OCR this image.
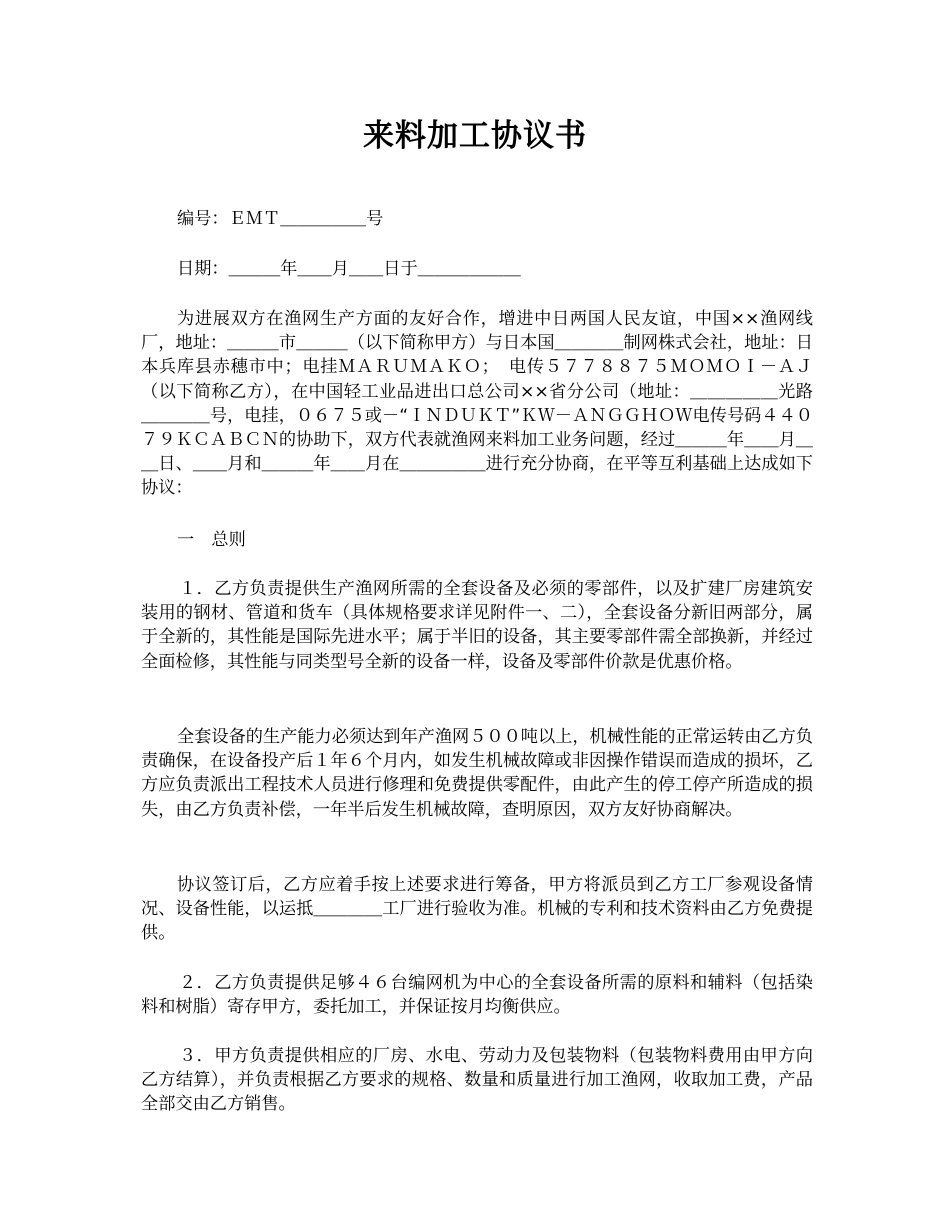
来料加工协议书
编号：ＥＭＴ＿＿＿＿＿号
日期：＿＿＿年＿＿月＿＿日于＿＿＿＿＿＿
为进展双方在渔网生产方面的友好合作，增进中日两国人民友谊，中国××渔网线厂，地址：＿＿＿市＿＿＿（以下简称甲方）与日本国＿＿＿＿制网株式会社，地址：日本兵库县赤穗市中；电挂ＭＡＲＵＭＡＫＯ；　电传５７７８８７５ＭＯＭＯＩ－ＡＪ（以下简称乙方），在中国轻工业品进出口总公司××省分公司（地址：＿＿＿＿＿光路＿＿＿＿号，电挂，０６７５或－“ＩＮＤＵＫＴ”ＫＷ－ＡＮＧＧＨＯＷ电传号码４４０７９ＫＣＡＢＣＮ的协助下，双方代表就渔网来料加工业务问题，经过＿＿＿年＿＿月＿＿日、＿＿月和＿＿＿年＿＿月在＿＿＿＿＿进行充分协商，在平等互利基础上达成如下协议：
一　总则
１．乙方负责提供生产渔网所需的全套设备及必须的零部件，以及扩建厂房建筑安装用的钢材、管道和货车（具体规格要求详见附件一、二），全套设备分新旧两部分，属于全新的，其性能是国际先进水平；属于半旧的设备，其主要零部件需全部换新，并经过全面检修，其性能与同类型号全新的设备一样，设备及零部件价款是优惠价格。
全套设备的生产能力必须达到年产渔网５００吨以上，机械性能的正常运转由乙方负责确保，在设备投产后１年６个月内，如发生机械故障或非因操作错误而造成的损坏，乙方应负责派出工程技术人员进行修理和免费提供零配件，由此产生的停工停产所造成的损失，由乙方负责补偿，一年半后发生机械故障，查明原因，双方友好协商解决。
协议签订后，乙方应着手按上述要求进行筹备，甲方将派员到乙方工厂参观设备情况、设备性能，以运抵＿＿＿＿工厂进行验收为准。机械的专利和技术资料由乙方免费提供。
２．乙方负责提供足够４６台编网机为中心的全套设备所需的原料和辅料（包括染料和树脂）寄存甲方，委托加工，并保证按月均衡供应。
３．甲方负责提供相应的厂房、水电、劳动力及包装物料（包装物料费用由甲方向乙方结算），并负责根据乙方要求的规格、数量和质量进行加工渔网，收取加工费，产品全部交由乙方销售。
